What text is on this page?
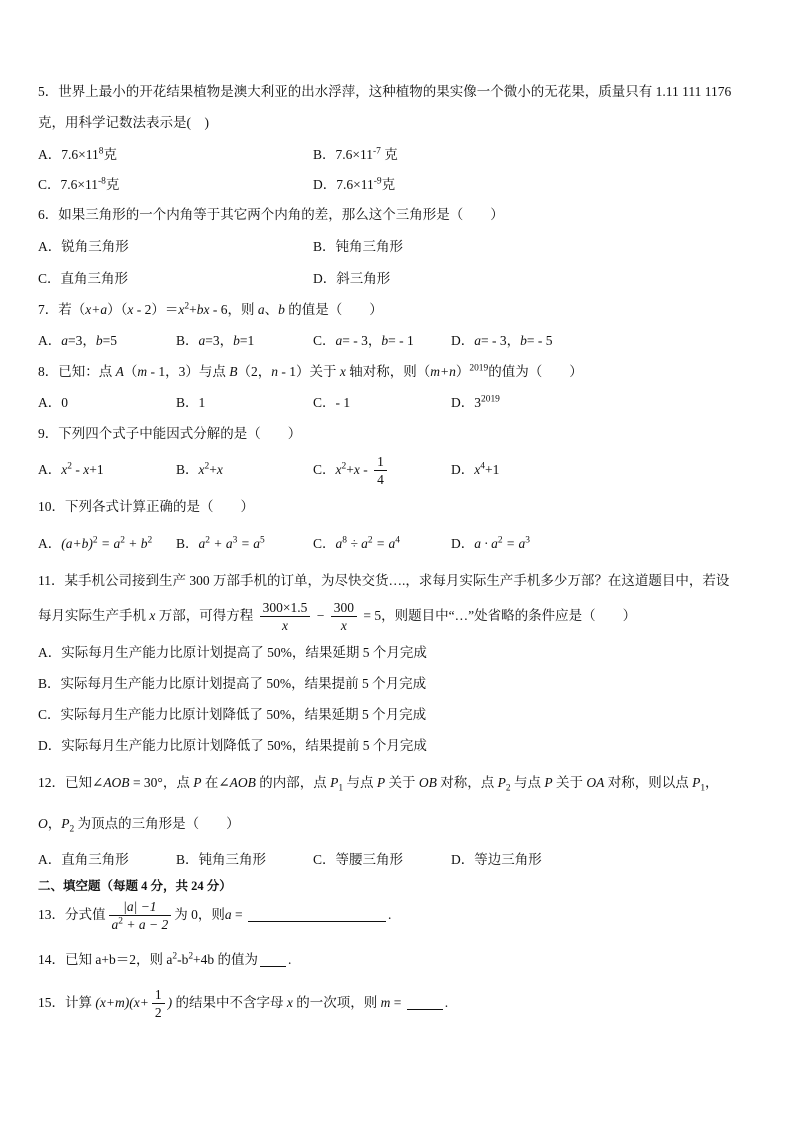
5．世界上最小的开花结果植物是澳大利亚的出水浮萍，这种植物的果实像一个微小的无花果，质量只有 1.11 111 1176
克，用科学记数法表示是(　)
A．$7.6\times 11^8$克	B．$7.6\times 11^{-7}$ 克
C．$7.6\times 11^{-8}$克	D．$7.6\times 11^{-9}$克
6．如果三角形的一个内角等于其它两个内角的差，那么这个三角形是（　　）
A．锐角三角形	B．钝角三角形
C．直角三角形	D．斜三角形
7．若$(x+a)(x - 2)=x^2+bx - 6$，则 a、b 的值是（　　）
A．a=3，b=5	B．a=3，b=1	C．a= - 3，b= - 1	D．a= - 3，b= - 5
8．已知：点 A（m - 1，3）与点 B（2，n - 1）关于 x 轴对称，则$(m+n)^{2019}$的值为（　　）
A．0	B．1	C．- 1	D．$3^{2019}$
9．下列四个式子中能因式分解的是（　　）
A．$x^2 - x+1$	B．$x^2+x$	C．$x^2+x - \frac{1}{4}$	D．$x^4+1$
10．下列各式计算正确的是（　　）
A．$(a+b)^2 = a^2 + b^2$ B．$a^2 + a^3 = a^5$	C．$a^8 \div a^2 = a^4$	D．$a \cdot a^2 = a^3$
11．某手机公司接到生产 300 万部手机的订单，为尽快交货….，求每月实际生产手机多少万部？在这道题目中，若设
每月实际生产手机 x 万部，可得方程 $\frac{300\times 1.5}{x} - \frac{300}{x} = 5$，则题目中“…”处省略的条件应是（　　）
A．实际每月生产能力比原计划提高了 50%，结果延期 5 个月完成
B．实际每月生产能力比原计划提高了 50%，结果提前 5 个月完成
C．实际每月生产能力比原计划降低了 50%，结果延期 5 个月完成
D．实际每月生产能力比原计划降低了 50%，结果提前 5 个月完成
12．已知∠AOB = 30°，点 P 在∠AOB 的内部，点 $P_1$ 与点 P 关于 OB 对称，点 $P_2$ 与点 P 关于 OA 对称，则以点 $P_1$，
O，$P_2$ 为顶点的三角形是（　　）
A．直角三角形	B．钝角三角形	C．等腰三角形	D．等边三角形
二、填空题（每题 4 分，共 24 分）
13．分式值 $\frac{|a| -1}{a^2 + a - 2}$ 为 0，则a =	.
14．已知 a+b＝2，则 $a^2-b^2+4b$ 的值为 .
15．计算 $(x+m)(x+ \frac{1}{2}$ ) 的结果中不含字母 x 的一次项，则 m =	.
